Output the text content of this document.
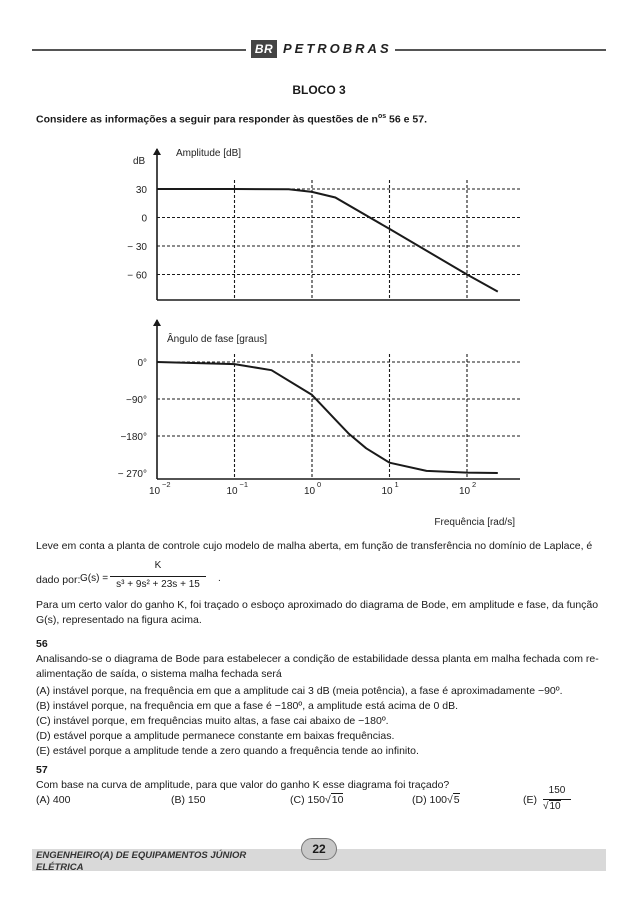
BR PETROBRAS
BLOCO 3
Considere as informações a seguir para responder às questões de $n^{os}$ 56 e 57.
Amplitude [dB]
dB
30
0
− 30
− 60
Ângulo de fase [graus]
Frequência [rad/s]
0°
−90°
−180°
− 270°
10
−2
10
−1
10
0
10
1
10
2
Leve em conta a planta de controle cujo modelo de malha aberta, em função de transferência no domínio de Laplace, é
dado por: G(s) =
K
s³ + 9s² + 23s + 15
.
Para um certo valor do ganho K, foi traçado o esboço aproximado do diagrama de Bode, em amplitude e fase, da função G(s), representado na figura acima.
56
Analisando-se o diagrama de Bode para estabelecer a condição de estabilidade dessa planta em malha fechada com re-alimentação de saída, o sistema malha fechada será
(A) instável porque, na frequência em que a amplitude cai 3 dB (meia potência), a fase é aproximadamente −90º.
(B) instável porque, na frequência em que a fase é −180º, a amplitude está acima de 0 dB.
(C) instável porque, em frequências muito altas, a fase cai abaixo de −180º.
(D) estável porque a amplitude permanece constante em baixas frequências.
(E) estável porque a amplitude tende a zero quando a frequência tende ao infinito.
57
Com base na curva de amplitude, para que valor do ganho K esse diagrama foi traçado?
(A) 400	(B) 150	(C) 150√10	(D) 100√5	(E)
150
√10
ENGENHEIRO(A) DE EQUIPAMENTOS JÚNIOR
ELÉTRICA
22
